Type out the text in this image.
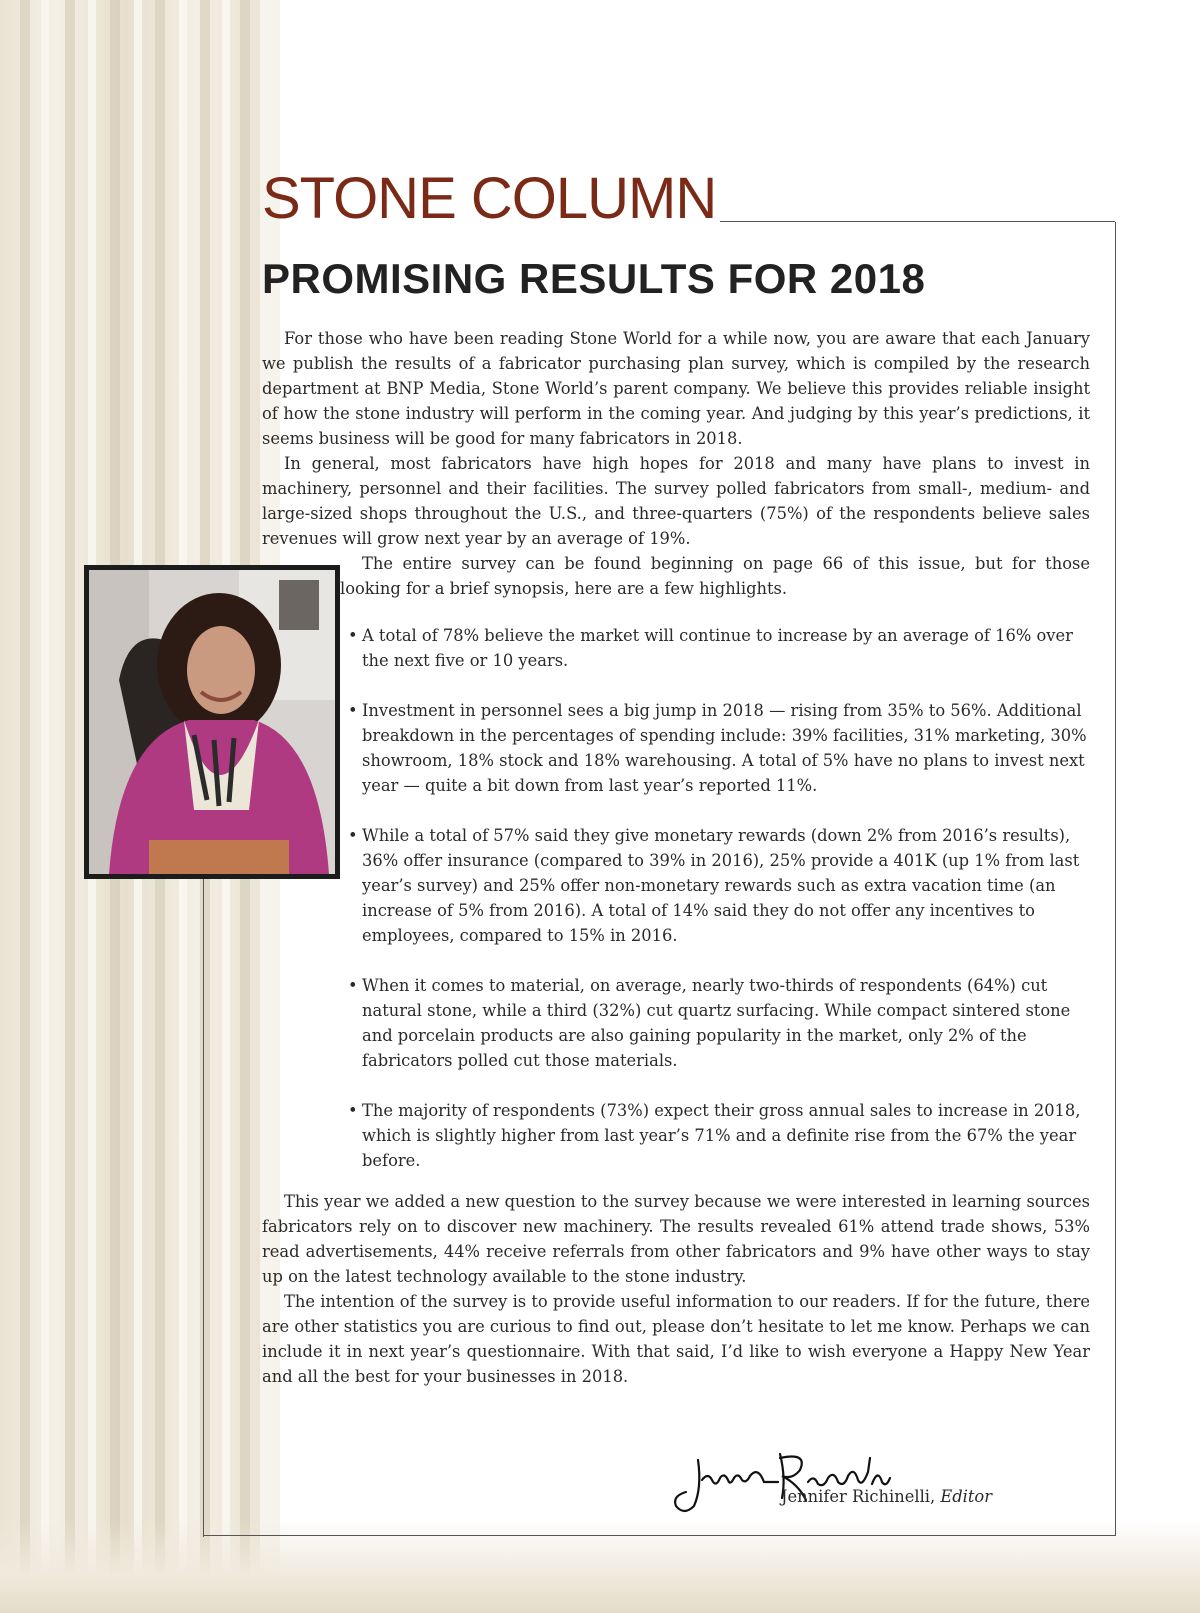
STONE COLUMN
PROMISING RESULTS FOR 2018

For those who have been reading Stone World for a while now, you are aware that each January we publish the results of a fabricator purchasing plan survey, which is compiled by the research department at BNP Media, Stone World’s parent company. We believe this provides reliable insight of how the stone industry will perform in the coming year. And judging by this year’s predictions, it seems business will be good for many fabricators in 2018.

In general, most fabricators have high hopes for 2018 and many have plans to invest in machinery, personnel and their facilities. The survey polled fabricators from small-, medium- and large-sized shops throughout the U.S., and three-quarters (75%) of the respondents believe sales revenues will grow next year by an average of 19%.

The entire survey can be found beginning on page 66 of this issue, but for those looking for a brief synopsis, here are a few highlights.

• A total of 78% believe the market will continue to increase by an average of 16% over the next five or 10 years.
• Investment in personnel sees a big jump in 2018 — rising from 35% to 56%. Additional breakdown in the percentages of spending include: 39% facilities, 31% marketing, 30% showroom, 18% stock and 18% warehousing. A total of 5% have no plans to invest next year — quite a bit down from last year’s reported 11%.
• While a total of 57% said they give monetary rewards (down 2% from 2016’s results), 36% offer insurance (compared to 39% in 2016), 25% provide a 401K (up 1% from last year’s survey) and 25% offer non-monetary rewards such as extra vacation time (an increase of 5% from 2016). A total of 14% said they do not offer any incentives to employees, compared to 15% in 2016.
• When it comes to material, on average, nearly two-thirds of respondents (64%) cut natural stone, while a third (32%) cut quartz surfacing. While compact sintered stone and porcelain products are also gaining popularity in the market, only 2% of the fabricators polled cut those materials.
• The majority of respondents (73%) expect their gross annual sales to increase in 2018, which is slightly higher from last year’s 71% and a definite rise from the 67% the year before.

This year we added a new question to the survey because we were interested in learning sources fabricators rely on to discover new machinery. The results revealed 61% attend trade shows, 53% read advertisements, 44% receive referrals from other fabricators and 9% have other ways to stay up on the latest technology available to the stone industry.

The intention of the survey is to provide useful information to our readers. If for the future, there are other statistics you are curious to find out, please don’t hesitate to let me know. Perhaps we can include it in next year’s questionnaire. With that said, I’d like to wish everyone a Happy New Year and all the best for your businesses in 2018.

Jennifer Richinelli, Editor
